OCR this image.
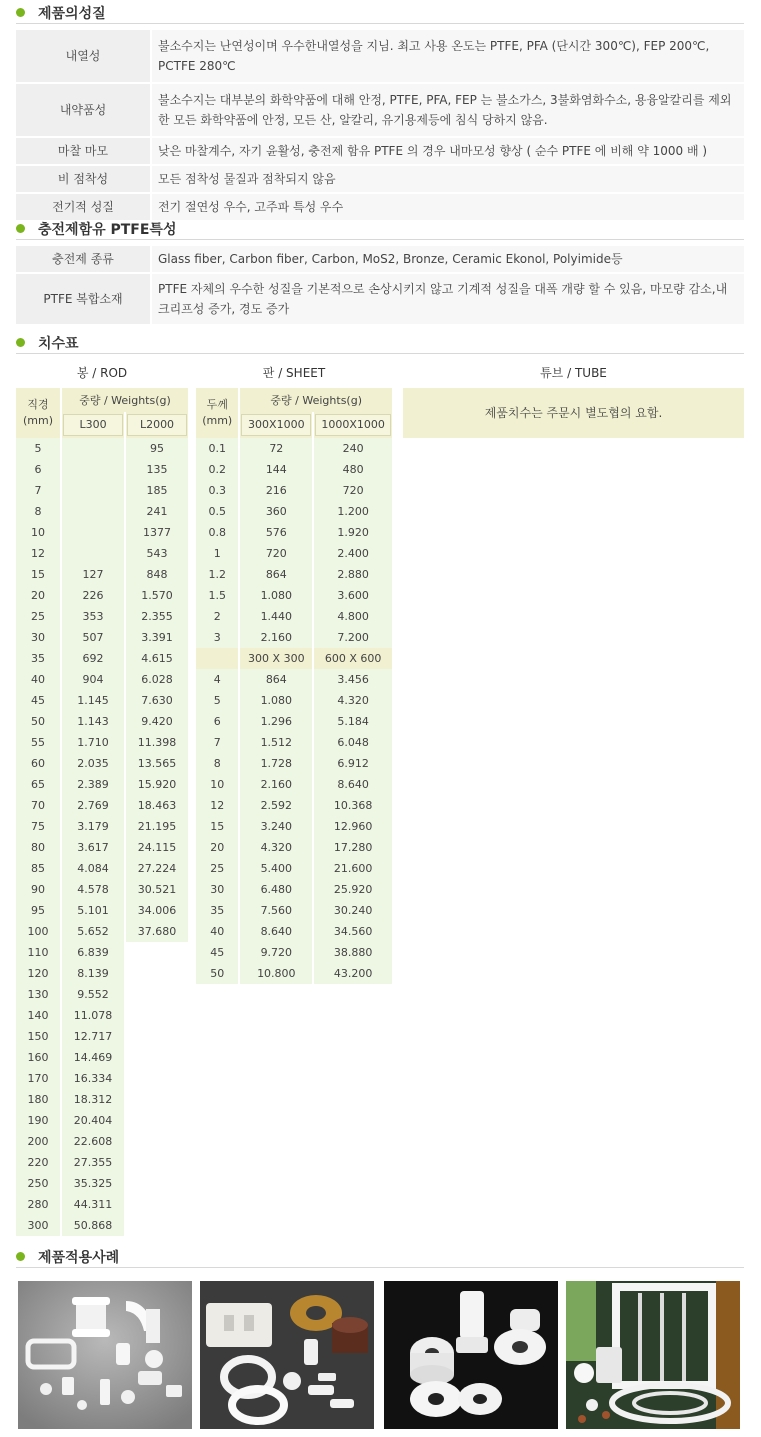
제품의성질
내열성	불소수지는 난연성이며 우수한내열성을 지님. 최고 사용 온도는 PTFE, PFA (단시간 300℃), FEP 200℃, PCTFE 280℃
내약품성	불소수지는 대부분의 화학약품에 대해 안정, PTFE, PFA, FEP 는 불소가스, 3불화염화수소, 용융알칼리를 제외한 모든 화학약품에 안정, 모든 산, 알칼리, 유기용제등에 침식 당하지 않음.
마찰 마모	낮은 마찰계수, 자기 윤활성, 충전제 함유 PTFE 의 경우 내마모성 향상 ( 순수 PTFE 에 비해 약 1000 배 )
비 점착성	모든 점착성 물질과 점착되지 않음
전기적 성질	전기 절연성 우수, 고주파 특성 우수
충전제함유 PTFE특성
충전제 종류	Glass fiber, Carbon fiber, Carbon, MoS2, Bronze, Ceramic Ekonol, Polyimide등
PTFE 복합소재	PTFE 자체의 우수한 성질을 기본적으로 손상시키지 않고 기계적 성질을 대폭 개량 할 수 있음, 마모량 감소,내크리프성 증가, 경도 증가
치수표
봉 / ROD
직경
(mm)	중량 / Weights(g)	
	L300	L2000
5		95
6		135
7		185
8		241
10		1377
12		543
15	127	848
20	226	1.570
25	353	2.355
30	507	3.391
35	692	4.615
40	904	6.028
45	1.145	7.630
50	1.143	9.420
55	1.710	11.398
60	2.035	13.565
65	2.389	15.920
70	2.769	18.463
75	3.179	21.195
80	3.617	24.115
85	4.084	27.224
90	4.578	30.521
95	5.101	34.006
100	5.652	37.680
110	6.839	
120	8.139	
130	9.552	
140	11.078	
150	12.717	
160	14.469	
170	16.334	
180	18.312	
190	20.404	
200	22.608	
220	27.355	
250	35.325	
280	44.311	
300	50.868	
판 / SHEET
두께
(mm)	중량 / Weights(g)	
	300X1000	1000X1000
0.1	72	240
0.2	144	480
0.3	216	720
0.5	360	1.200
0.8	576	1.920
1	720	2.400
1.2	864	2.880
1.5	1.080	3.600
2	1.440	4.800
3	2.160	7.200
	300 X 300	600 X 600
4	864	3.456
5	1.080	4.320
6	1.296	5.184
7	1.512	6.048
8	1.728	6.912
10	2.160	8.640
12	2.592	10.368
15	3.240	12.960
20	4.320	17.280
25	5.400	21.600
30	6.480	25.920
35	7.560	30.240
40	8.640	34.560
45	9.720	38.880
50	10.800	43.200
튜브 / TUBE
제품치수는 주문시 별도협의 요함.
제품적용사례
